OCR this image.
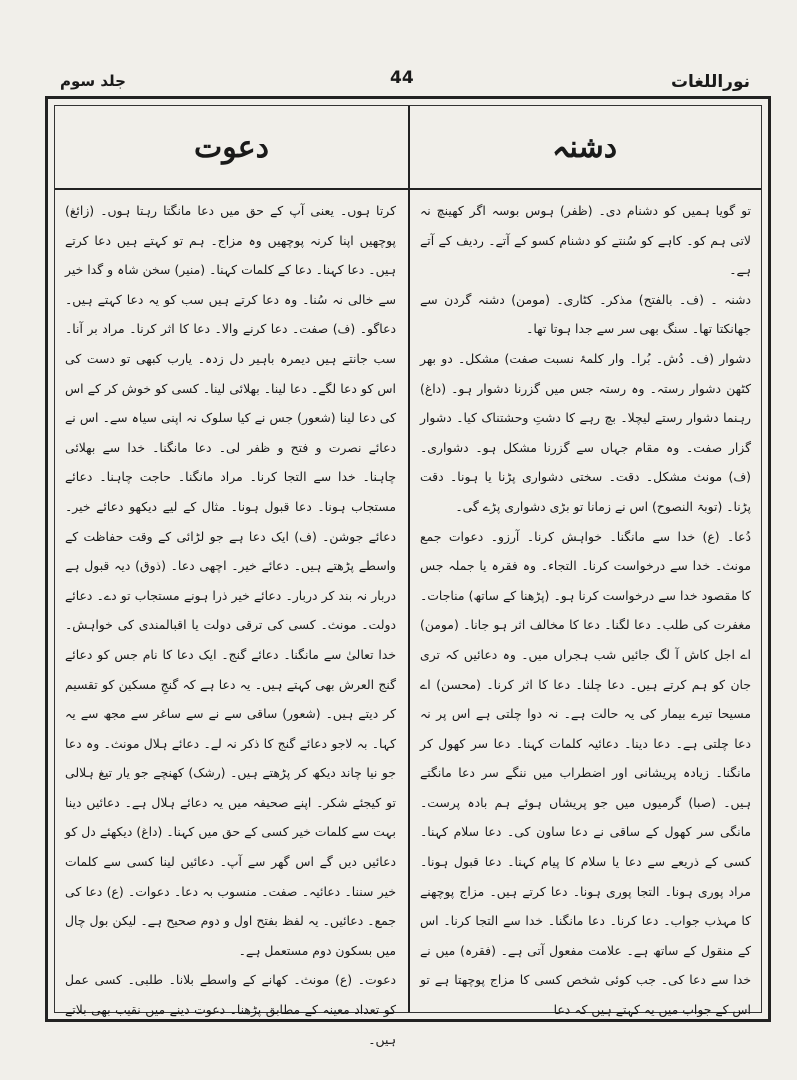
نوراللغات
44
جلد سوم
دشنہ
دعوت

تو گویا ہمیں کو دشنام دی۔ (ظفر) ہوس بوسہ اگر کھینچ نہ لاتی ہم کو۔ کاہے کو سُنتے کو دشنام کسو کے آتے۔ ردیف کے آتے ہے۔

دشنہ ۔ (ف۔ بالفتح) مذکر۔ کٹاری۔ (مومن) دشنہ گردن سے جھانکتا تھا۔ سنگ بھی سر سے جدا ہوتا تھا۔

دشوار (ف۔ دُش۔ بُرا۔ وار کلمۂ نسبت صفت) مشکل۔ دو بھر کٹھن دشوار رستہ۔ وہ رستہ جس میں گزرنا دشوار ہو۔ (داغ) رہنما دشوار رستے لیچلا۔ بچ رہے کا دشتِ وحشتناک کیا۔ دشوار گزار صفت۔ وہ مقام جہاں سے گزرنا مشکل ہو۔ دشواری۔ (ف) مونث مشکل۔ دقت۔ سختی دشواری پڑنا یا ہونا۔ دقت پڑنا۔ (توبۃ النصوح) اس نے زمانا تو بڑی دشواری پڑے گی۔

دُعا۔ (ع) خدا سے مانگنا۔ خواہش کرنا۔ آرزو۔ دعوات جمع مونث۔ خدا سے درخواست کرنا۔ التجاء۔ وہ فقرہ یا جملہ جس کا مقصود خدا سے درخواست کرنا ہو۔ (پڑھنا کے ساتھ) مناجات۔ مغفرت کی طلب۔ دعا لگنا۔ دعا کا مخالف اثر ہو جانا۔ (مومن) اے اجل کاش آ لگ جائیں شب ہجراں میں۔ وہ دعائیں کہ تری جان کو ہم کرتے ہیں۔ دعا چلنا۔ دعا کا اثر کرنا۔ (محسن) اے مسیحا تیرے بیمار کی یہ حالت ہے۔ نہ دوا چلتی ہے اس پر نہ دعا چلتی ہے۔ دعا دینا۔ دعائیہ کلمات کہنا۔ دعا سر کھول کر مانگنا۔ زیادہ پریشانی اور اضطراب میں ننگے سر دعا مانگتے ہیں۔ (صبا) گرمیوں میں جو پریشاں ہوئے ہم بادہ پرست۔ مانگی سر کھول کے ساقی نے دعا ساون کی۔ دعا سلام کہنا۔ کسی کے ذریعے سے دعا یا سلام کا پیام کہنا۔ دعا قبول ہونا۔ مراد پوری ہونا۔ التجا پوری ہونا۔ دعا کرتے ہیں۔ مزاج پوچھنے کا مہذب جواب۔ دعا کرنا۔ دعا مانگنا۔ خدا سے التجا کرنا۔ اس کے منقول کے ساتھ ہے۔ علامت مفعول آتی ہے۔ (فقرہ) میں نے خدا سے دعا کی۔ جب کوئی شخص کسی کا مزاج پوچھتا ہے تو اس کے جواب میں یہ کہتے ہیں کہ دعا

کرتا ہوں۔ یعنی آپ کے حق میں دعا مانگتا رہتا ہوں۔ (زائغ) پوچھیں اپنا کرنہ پوچھیں وہ مزاج۔ ہم تو کہتے ہیں دعا کرتے ہیں۔ دعا کہنا۔ دعا کے کلمات کہنا۔ (منیر) سخن شاہ و گدا خیر سے خالی نہ سُنا۔ وہ دعا کرتے ہیں سب کو یہ دعا کہتے ہیں۔ دعاگو۔ (ف) صفت۔ دعا کرنے والا۔ دعا کا اثر کرنا۔ مراد بر آنا۔ سب جانتے ہیں دیمرہ باہیر دل زدہ۔ یارب کبھی تو دست کی اس کو دعا لگے۔ دعا لینا۔ بھلائی لینا۔ کسی کو خوش کر کے اس کی دعا لینا (شعور) جس نے کیا سلوک نہ اپنی سیاہ سے۔ اس نے دعائے نصرت و فتح و ظفر لی۔ دعا مانگنا۔ خدا سے بھلائی چاہنا۔ خدا سے التجا کرنا۔ مراد مانگنا۔ حاجت چاہنا۔ دعائے مستجاب ہونا۔ دعا قبول ہونا۔ مثال کے لیے دیکھو دعائے خیر۔ دعائے جوشن۔ (ف) ایک دعا ہے جو لڑائی کے وقت حفاظت کے واسطے پڑھتے ہیں۔ دعائے خیر۔ اچھی دعا۔ (ذوق) دیہ قبول ہے دربار نہ بند کر دربار۔ دعائے خیر ذرا ہونے مستجاب تو دے۔ دعائے دولت۔ مونث۔ کسی کی ترقی دولت یا اقبالمندی کی خواہش۔ خدا تعالیٰ سے مانگنا۔ دعائے گنج۔ ایک دعا کا نام جس کو دعائے گنج العرش بھی کہتے ہیں۔ یہ دعا ہے کہ گنجِ مسکین کو تقسیم کر دیتے ہیں۔ (شعور) ساقی سے نے سے ساغر سے مجھ سے یہ کہا۔ بہ لاجو دعائے گنج کا ذکر نہ لے۔ دعائے ہلال مونث۔ وہ دعا جو نیا چاند دیکھ کر پڑھتے ہیں۔ (رشک) کھنچے جو یار تیغ ہلالی تو کیجئے شکر۔ اپنے صحیفہ میں یہ دعائے ہلال ہے۔ دعائیں دینا بہت سے کلمات خیر کسی کے حق میں کہنا۔ (داغ) دیکھئے دل کو دعائیں دیں گے اس گھر سے آپ۔ دعائیں لینا کسی سے کلمات خیر سننا۔ دعائیہ۔ صفت۔ منسوب بہ دعا۔ دعوات۔ (ع) دعا کی جمع۔ دعائیں۔ یہ لفظ بفتح اول و دوم صحیح ہے۔ لیکن بول چال میں بسکون دوم مستعمل ہے۔

دعوت۔ (ع) مونث۔ کھانے کے واسطے بلانا۔ طلبی۔ کسی عمل کو تعداد معینہ کے مطابق پڑھنا۔ دعوت دینے میں نقیب بھی بلاتے ہیں۔
